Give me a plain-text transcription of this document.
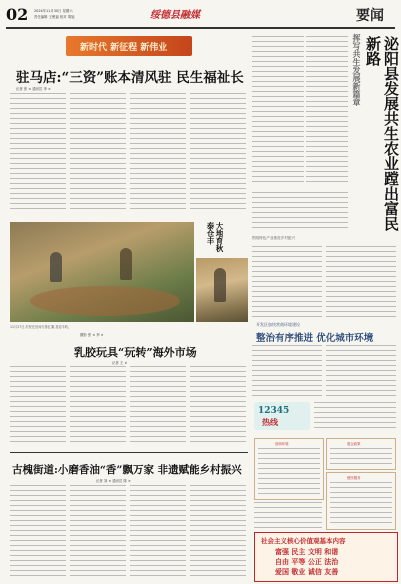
02 2024年11月30日 星期六
责任编辑 王俊福 校对 胡旭	绥德县融媒	要闻
新时代 新征程 新伟业
驻马店:“三资”账本清风驻 民生福祉长
记者 张 × 通讯员 李 ×	挥写共生发展新篇章	泌阳县发展共生农业蹚出富民新路
围绕特色产业推进乡村振兴
大地育秋泰仓丰
11月27日,村民在田间分拣红薯,喜迎丰收。
摄影 张 × 李 ×
开发区加快营商环境建设
整治有序推进 优化城市环境
乳胶玩具“玩转”海外市场
记者 王 ×
12345
热线
营商环境	惠企政策
便民服务
古槐街道:小磨香油“香”飘万家 非遗赋能乡村振兴
记者 刘 × 通讯员 陈 ×
社会主义核心价值观基本内容
富强 民主 文明 和谐
自由 平等 公正 法治
爱国 敬业 诚信 友善
